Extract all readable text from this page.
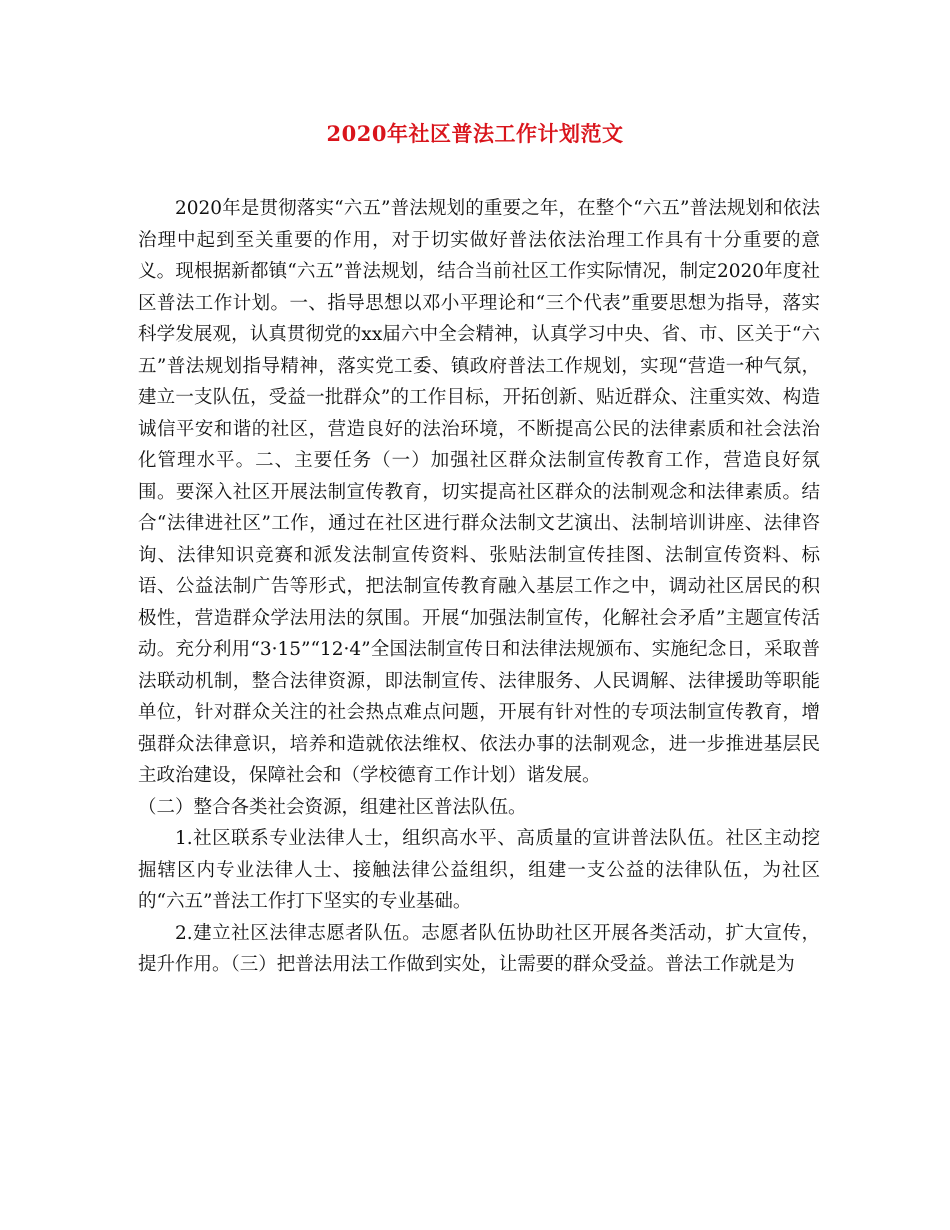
2020年社区普法工作计划范文

2020年是贯彻落实“六五”普法规划的重要之年，在整个“六五”普法规划和依法治理中起到至关重要的作用，对于切实做好普法依法治理工作具有十分重要的意义。现根据新都镇“六五”普法规划，结合当前社区工作实际情况，制定2020年度社区普法工作计划。一、指导思想以邓小平理论和“三个代表”重要思想为指导，落实科学发展观，认真贯彻党的xx届六中全会精神，认真学习中央、省、市、区关于“六五”普法规划指导精神，落实党工委、镇政府普法工作规划，实现“营造一种气氛，建立一支队伍，受益一批群众”的工作目标，开拓创新、贴近群众、注重实效、构造诚信平安和谐的社区，营造良好的法治环境，不断提高公民的法律素质和社会法治化管理水平。二、主要任务（一）加强社区群众法制宣传教育工作，营造良好氛围。要深入社区开展法制宣传教育，切实提高社区群众的法制观念和法律素质。结合“法律进社区”工作，通过在社区进行群众法制文艺演出、法制培训讲座、法律咨询、法律知识竞赛和派发法制宣传资料、张贴法制宣传挂图、法制宣传资料、标语、公益法制广告等形式，把法制宣传教育融入基层工作之中，调动社区居民的积极性，营造群众学法用法的氛围。开展“加强法制宣传，化解社会矛盾”主题宣传活动。充分利用“3·15”“12·4”全国法制宣传日和法律法规颁布、实施纪念日，采取普法联动机制，整合法律资源，即法制宣传、法律服务、人民调解、法律援助等职能单位，针对群众关注的社会热点难点问题，开展有针对性的专项法制宣传教育，增强群众法律意识，培养和造就依法维权、依法办事的法制观念，进一步推进基层民主政治建设，保障社会和（学校德育工作计划）谐发展。

（二）整合各类社会资源，组建社区普法队伍。

1.社区联系专业法律人士，组织高水平、高质量的宣讲普法队伍。社区主动挖掘辖区内专业法律人士、接触法律公益组织，组建一支公益的法律队伍，为社区的“六五”普法工作打下坚实的专业基础。

2.建立社区法律志愿者队伍。志愿者队伍协助社区开展各类活动，扩大宣传，提升作用。（三）把普法用法工作做到实处，让需要的群众受益。普法工作就是为
